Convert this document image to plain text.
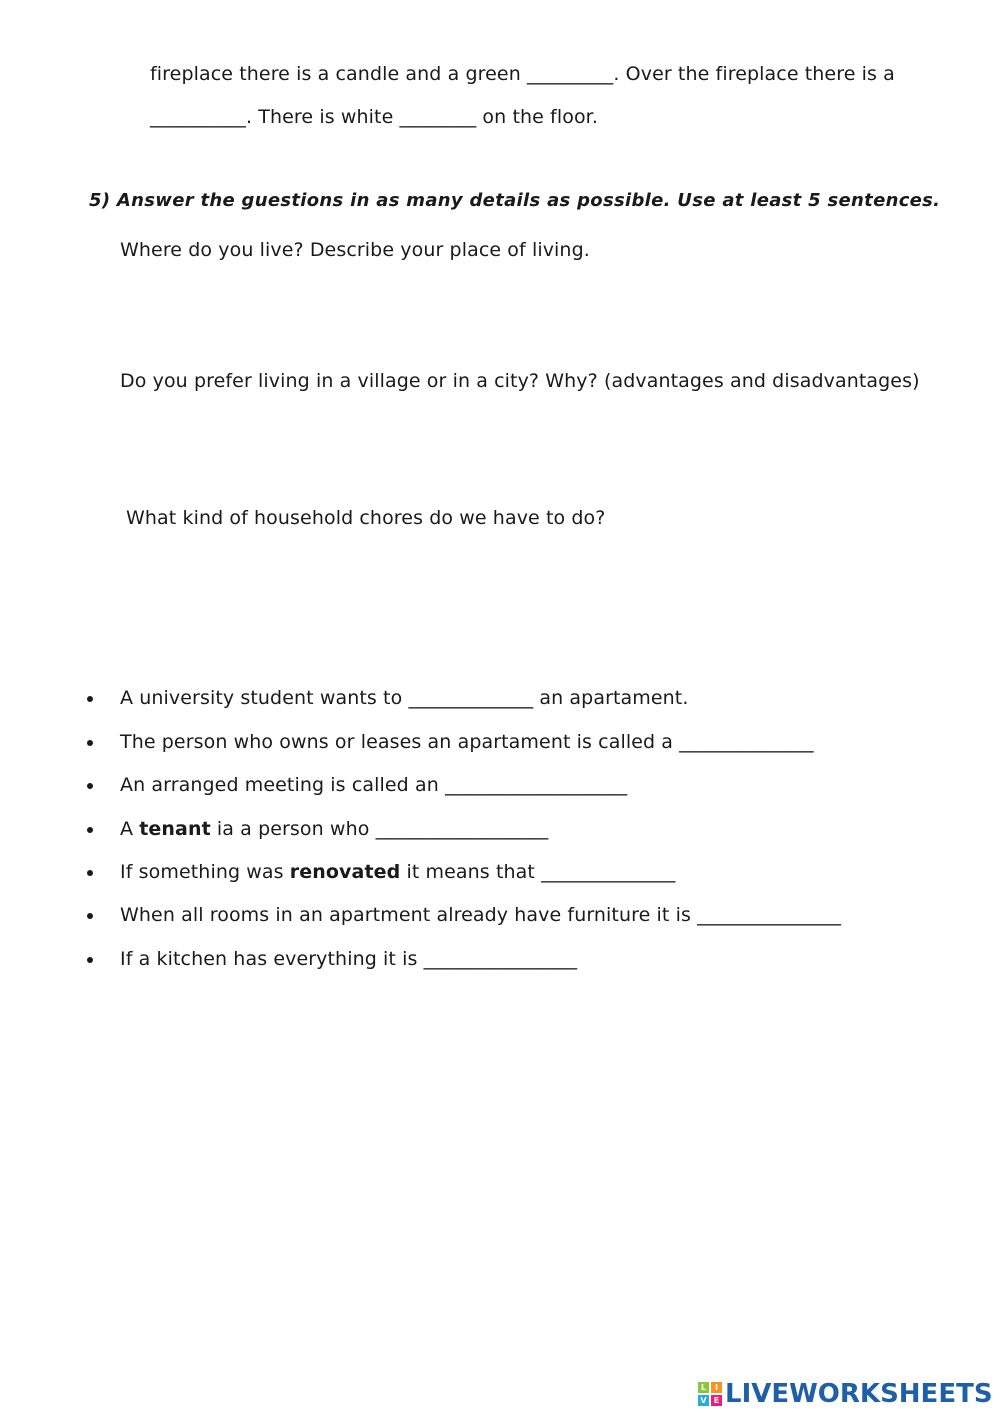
fireplace there is a candle and a green _________. Over the fireplace there is a
__________. There is white ________ on the floor.
5) Answer the guestions in as many details as possible. Use at least 5 sentences.
Where do you live? Describe your place of living.
Do you prefer living in a village or in a city? Why? (advantages and disadvantages)
What kind of household chores do we have to do?
A university student wants to _____________ an apartament.
The person who owns or leases an apartament is called a ______________
An arranged meeting is called an ___________________
A tenant ia a person who __________________
If something was renovated it means that ______________
When all rooms in an apartment already have furniture it is _______________
If a kitchen has everything it is ________________
L	I
V E LIVEWORKSHEETS
